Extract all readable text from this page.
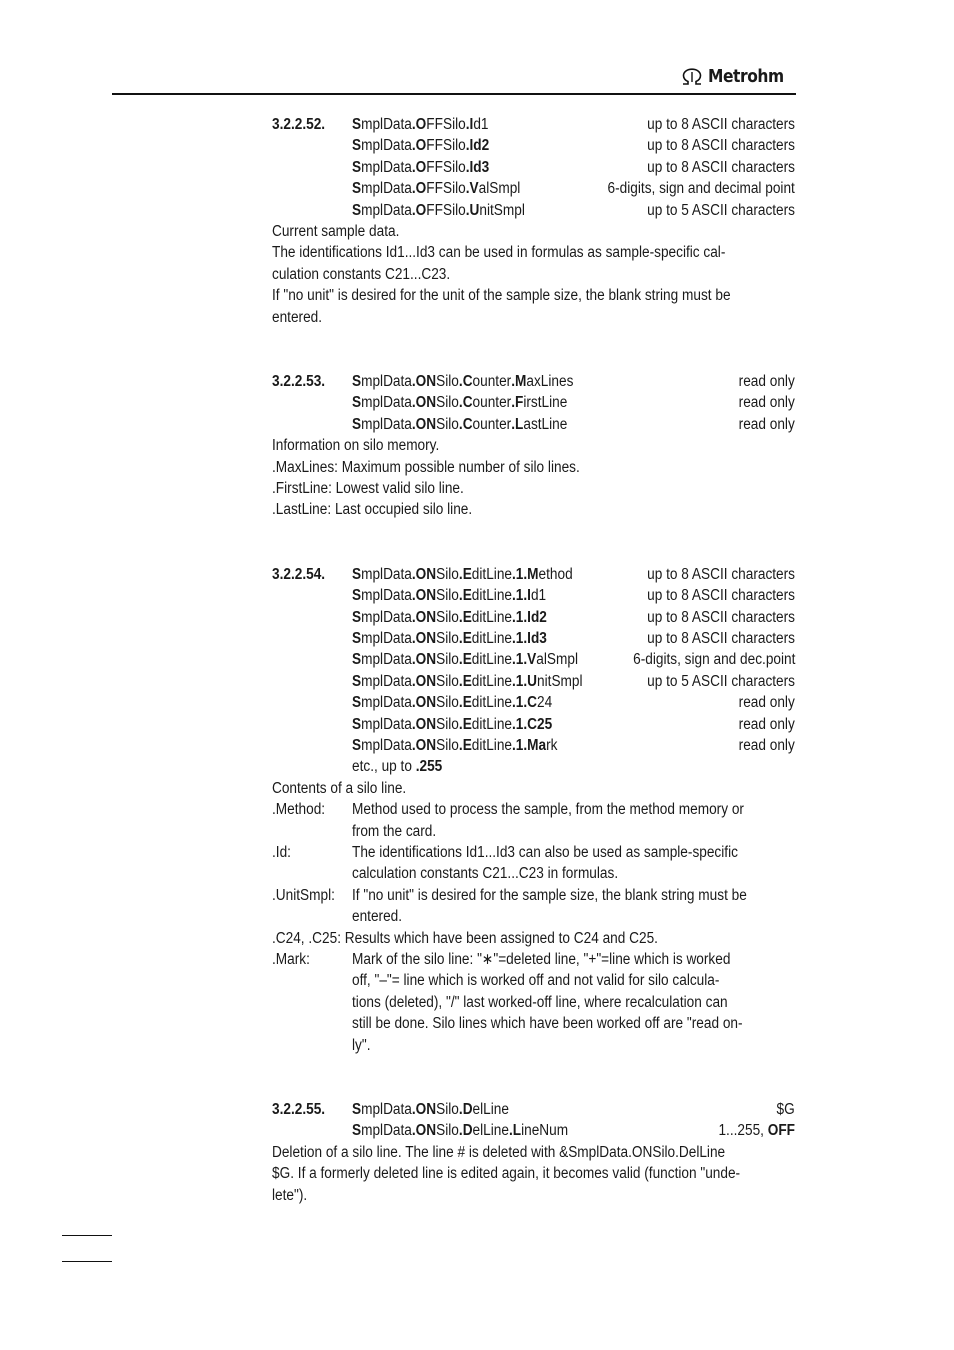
Metrohm
3.2.2.52. SmplData.OFFSilo.Id1	up to 8 ASCII characters
SmplData.OFFSilo.Id2	up to 8 ASCII characters
SmplData.OFFSilo.Id3	up to 8 ASCII characters
SmplData.OFFSilo.ValSmpl	6-digits, sign and decimal point
SmplData.OFFSilo.UnitSmpl	up to 5 ASCII characters
Current sample data.
The identifications Id1...Id3 can be used in formulas as sample-specific cal-
culation constants C21...C23.
If "no unit" is desired for the unit of the sample size, the blank string must be
entered.
3.2.2.53. SmplData.ONSilo.Counter.MaxLines	read only
SmplData.ONSilo.Counter.FirstLine	read only
SmplData.ONSilo.Counter.LastLine	read only
Information on silo memory.
.MaxLines: Maximum possible number of silo lines.
.FirstLine: Lowest valid silo line.
.LastLine: Last occupied silo line.
3.2.2.54. SmplData.ONSilo.EditLine.1.Method	up to 8 ASCII characters
SmplData.ONSilo.EditLine.1.Id1	up to 8 ASCII characters
SmplData.ONSilo.EditLine.1.Id2	up to 8 ASCII characters
SmplData.ONSilo.EditLine.1.Id3	up to 8 ASCII characters
SmplData.ONSilo.EditLine.1.ValSmpl	6-digits, sign and dec.point
SmplData.ONSilo.EditLine.1.UnitSmpl	up to 5 ASCII characters
SmplData.ONSilo.EditLine.1.C24	read only
SmplData.ONSilo.EditLine.1.C25	read only
SmplData.ONSilo.EditLine.1.Mark	read only
etc., up to .255
Contents of a silo line.
.Method:	Method used to process the sample, from the method memory or
from the card.
.Id:	The identifications Id1...Id3 can also be used as sample-specific
calculation constants C21...C23 in formulas.
.UnitSmpl:	If "no unit" is desired for the sample size, the blank string must be
entered.
.C24, .C25: Results which have been assigned to C24 and C25.
.Mark:	Mark of the silo line: "∗"=deleted line, "+"=line which is worked
off, "–"= line which is worked off and not valid for silo calcula-
tions (deleted), "/" last worked-off line, where recalculation can
still be done. Silo lines which have been worked off are "read on-
ly".
3.2.2.55. SmplData.ONSilo.DelLine	$G
SmplData.ONSilo.DelLine.LineNum	1...255, OFF
Deletion of a silo line. The line # is deleted with &SmplData.ONSilo.DelLine
$G. If a formerly deleted line is edited again, it becomes valid (function "unde-
lete").
